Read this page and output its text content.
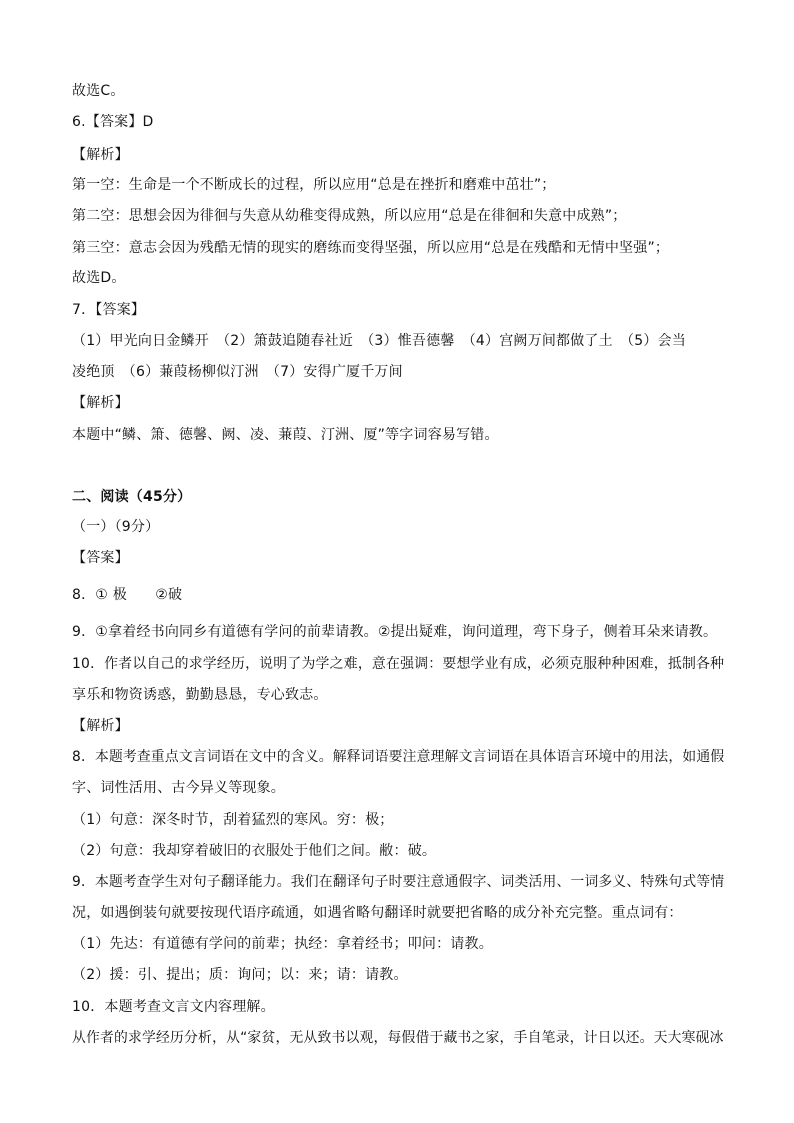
故选C。
6.【答案】D
【解析】
第一空：生命是一个不断成长的过程，所以应用“总是在挫折和磨难中茁壮”；
第二空：思想会因为徘徊与失意从幼稚变得成熟，所以应用“总是在徘徊和失意中成熟”；
第三空：意志会因为残酷无情的现实的磨练而变得坚强，所以应用“总是在残酷和无情中坚强”；
故选D。
7．【答案】
（1）甲光向日金鳞开　（2）箫鼓追随春社近　（3）惟吾德馨　（4）宫阙万间都做了土　（5）会当
凌绝顶　（6）蒹葭杨柳似汀洲　（7）安得广厦千万间
【解析】
本题中“鳞、箫、德馨、阙、凌、蒹葭、汀洲、厦”等字词容易写错。
二、阅读（45分）
（一）（9分）
【答案】
8．① 极　　②破
9．①拿着经书向同乡有道德有学问的前辈请教。②提出疑难，询问道理，弯下身子，侧着耳朵来请教。
10．作者以自己的求学经历，说明了为学之难，意在强调：要想学业有成，必须克服种种困难，抵制各种
享乐和物资诱惑，勤勤恳恳，专心致志。
【解析】
8．本题考查重点文言词语在文中的含义。解释词语要注意理解文言词语在具体语言环境中的用法，如通假
字、词性活用、古今异义等现象。
（1）句意：深冬时节，刮着猛烈的寒风。穷：极；
（2）句意：我却穿着破旧的衣服处于他们之间。敝：破。
9．本题考查学生对句子翻译能力。我们在翻译句子时要注意通假字、词类活用、一词多义、特殊句式等情
况，如遇倒装句就要按现代语序疏通，如遇省略句翻译时就要把省略的成分补充完整。重点词有：
（1）先达：有道德有学问的前辈；执经：拿着经书；叩问：请教。
（2）援：引、提出；质：询问；以：来；请：请教。
10．本题考查文言文内容理解。
从作者的求学经历分析，从“家贫，无从致书以观，每假借于藏书之家，手自笔录，计日以还。天大寒砚冰
